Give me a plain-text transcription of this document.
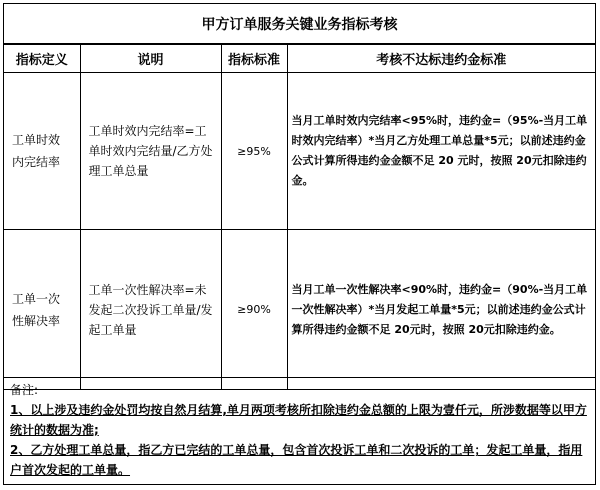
甲方订单服务关键业务指标考核
指标定义	说明	指标标准	考核不达标违约金标准
工单时效内完结率	工单时效内完结率=工单时效内完结量/乙方处理工单总量	≥95%	当月工单时效内完结率<95%时，违约金=（95%-当月工单时效内完结率）*当月乙方处理工单总量*5元；以前述违约金公式计算所得违约金金额不足 20 元时，按照 20元扣除违约金。
工单一次性解决率	工单一次性解决率=未发起二次投诉工单量/发起工单量	≥90%	当月工单一次性解决率<90%时，违约金=（90%-当月工单一次性解决率）*当月发起工单量*5元；以前述违约金公式计算所得违约金额不足 20元时，按照 20元扣除违约金。
备注:
1、以上涉及违约金处罚均按自然月结算,单月两项考核所扣除违约金总额的上限为壹仟元，所涉数据等以甲方统计的数据为准;
2、乙方处理工单总量，指乙方已完结的工单总量，包含首次投诉工单和二次投诉的工单；发起工单量，指用户首次发起的工单量。
